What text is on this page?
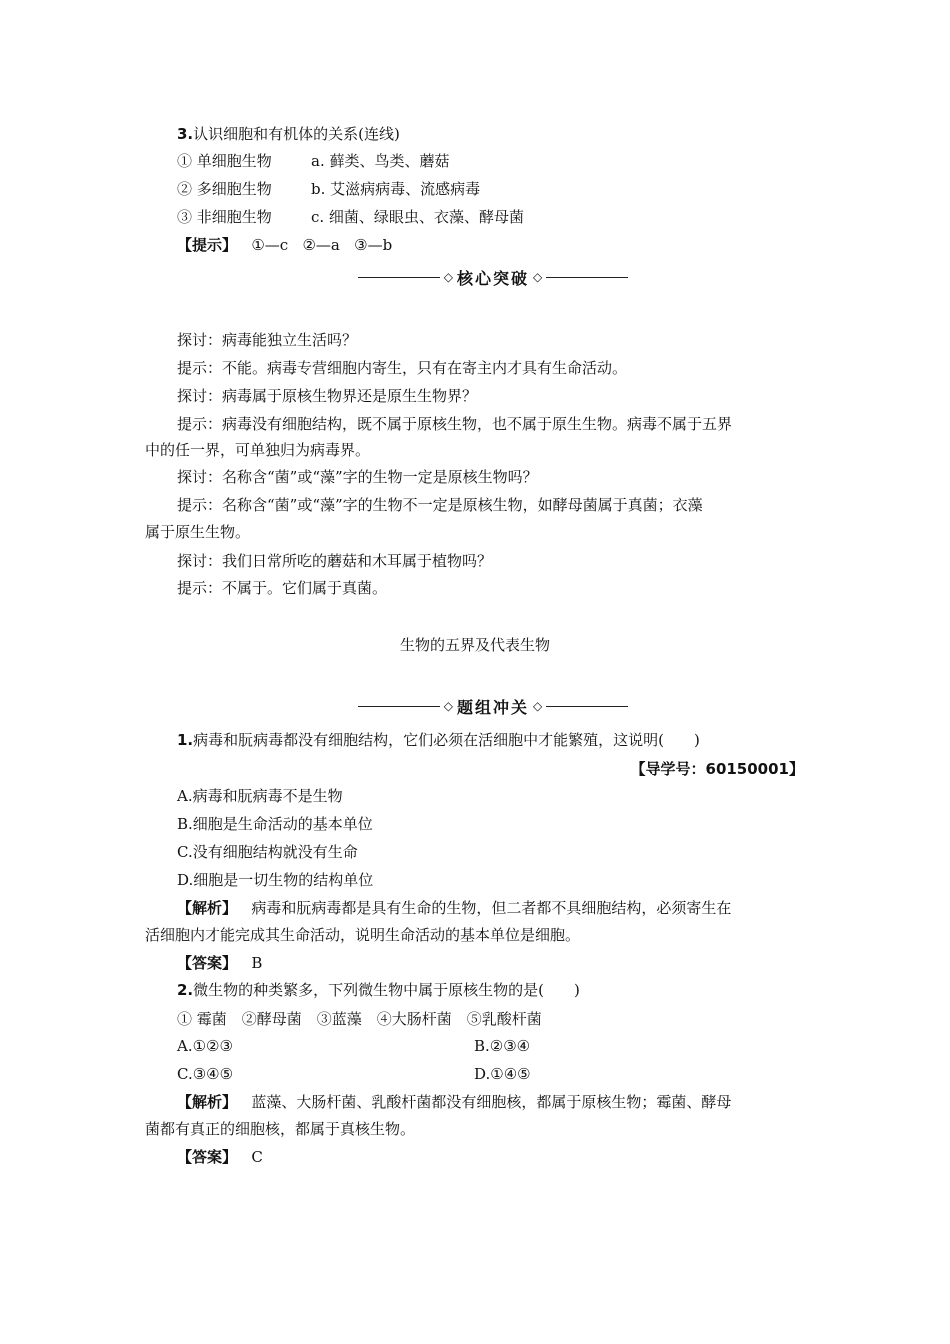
3.认识细胞和有机体的关系(连线)
① 单细胞生物	a. 藓类、鸟类、蘑菇
② 多细胞生物	b. 艾滋病病毒、流感病毒
③ 非细胞生物	c. 细菌、绿眼虫、衣藻、酵母菌
【提示】 ①—c   ②—a   ③—b
◇ 核心突破 ◇
探讨：病毒能独立生活吗？
提示：不能。病毒专营细胞内寄生，只有在寄主内才具有生命活动。
探讨：病毒属于原核生物界还是原生生物界？
提示：病毒没有细胞结构，既不属于原核生物，也不属于原生生物。病毒不属于五界
中的任一界，可单独归为病毒界。
探讨：名称含“菌”或“藻”字的生物一定是原核生物吗？
提示：名称含“菌”或“藻”字的生物不一定是原核生物，如酵母菌属于真菌；衣藻
属于原生生物。
探讨：我们日常所吃的蘑菇和木耳属于植物吗？
提示：不属于。它们属于真菌。
生物的五界及代表生物
◇ 题组冲关 ◇
1.病毒和朊病毒都没有细胞结构，它们必须在活细胞中才能繁殖，这说明(　　)
【导学号：60150001】
A.病毒和朊病毒不是生物
B.细胞是生命活动的基本单位
C.没有细胞结构就没有生命
D.细胞是一切生物的结构单位
【解析】 病毒和朊病毒都是具有生命的生物，但二者都不具细胞结构，必须寄生在
活细胞内才能完成其生命活动，说明生命活动的基本单位是细胞。
【答案】 B
2.微生物的种类繁多，下列微生物中属于原核生物的是(　　)
① 霉菌　②酵母菌　③蓝藻　④大肠杆菌　⑤乳酸杆菌
A.①②③	B.②③④
C.③④⑤	D.①④⑤
【解析】 蓝藻、大肠杆菌、乳酸杆菌都没有细胞核，都属于原核生物；霉菌、酵母
菌都有真正的细胞核，都属于真核生物。
【答案】 C
